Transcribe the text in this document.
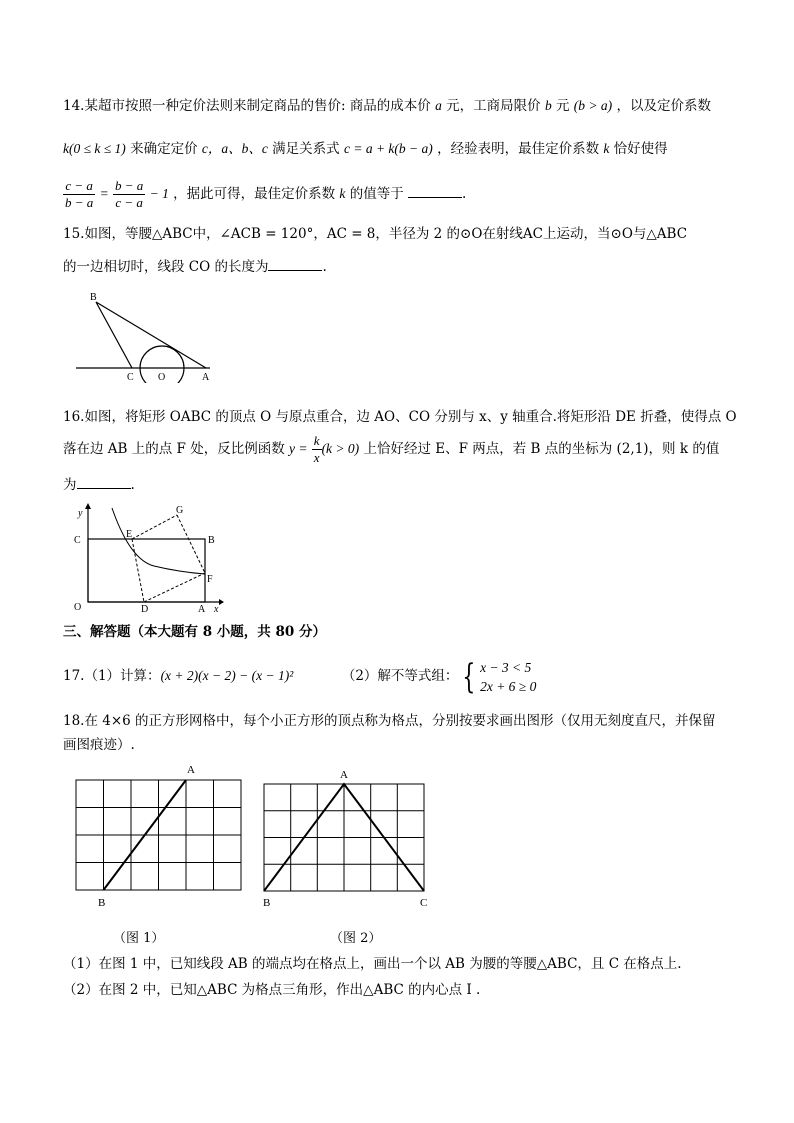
14.某超市按照一种定价法则来制定商品的售价: 商品的成本价 a 元，工商局限价 b 元 (b > a) ，以及定价系数
k(0 ≤ k ≤ 1) 来确定定价 c，a、b、c 满足关系式 c = a + k(b − a) ，经验表明，最佳定价系数 k 恰好使得
$\frac{c - a}{b - a} = \frac{b - a}{c - a} - 1$ ，据此可得，最佳定价系数 k 的值等于	.
15.如图，等腰△ABC中，∠ACB = 120°，AC = 8，半径为 2 的⊙O在射线AC上运动，当⊙O与△ABC
的一边相切时，线段 CO 的长度为	.
B
C O	A
16.如图，将矩形 OABC 的顶点 O 与原点重合，边 AO、CO 分别与 x、y 轴重合.将矩形沿 DE 折叠，使得点 O
落在边 AB 上的点 F 处，反比例函数 $y = \frac{k}{x} (k > 0)$ 上恰好经过 E、F 两点，若 B 点的坐标为 (2,1)，则 k 的值
为	.
y
x
O
C
E
G
B
F
D	A
三、解答题（本大题有 8 小题，共 80 分）
17.（1）计算：(x + 2)(x − 2) − (x − 1)²	（2）解不等式组： { x − 3 < 5
2x + 6 ≥ 0
18.在 4×6 的正方形网格中，每个小正方形的顶点称为格点，分别按要求画出图形（仅用无刻度直尺，并保留
画图痕迹）.
A
B
（图 1）
A
B	C
（图 2）
（1）在图 1 中，已知线段 AB 的端点均在格点上，画出一个以 AB 为腰的等腰△ABC，且 C 在格点上.
（2）在图 2 中，已知△ABC 为格点三角形，作出△ABC 的内心点 I .
